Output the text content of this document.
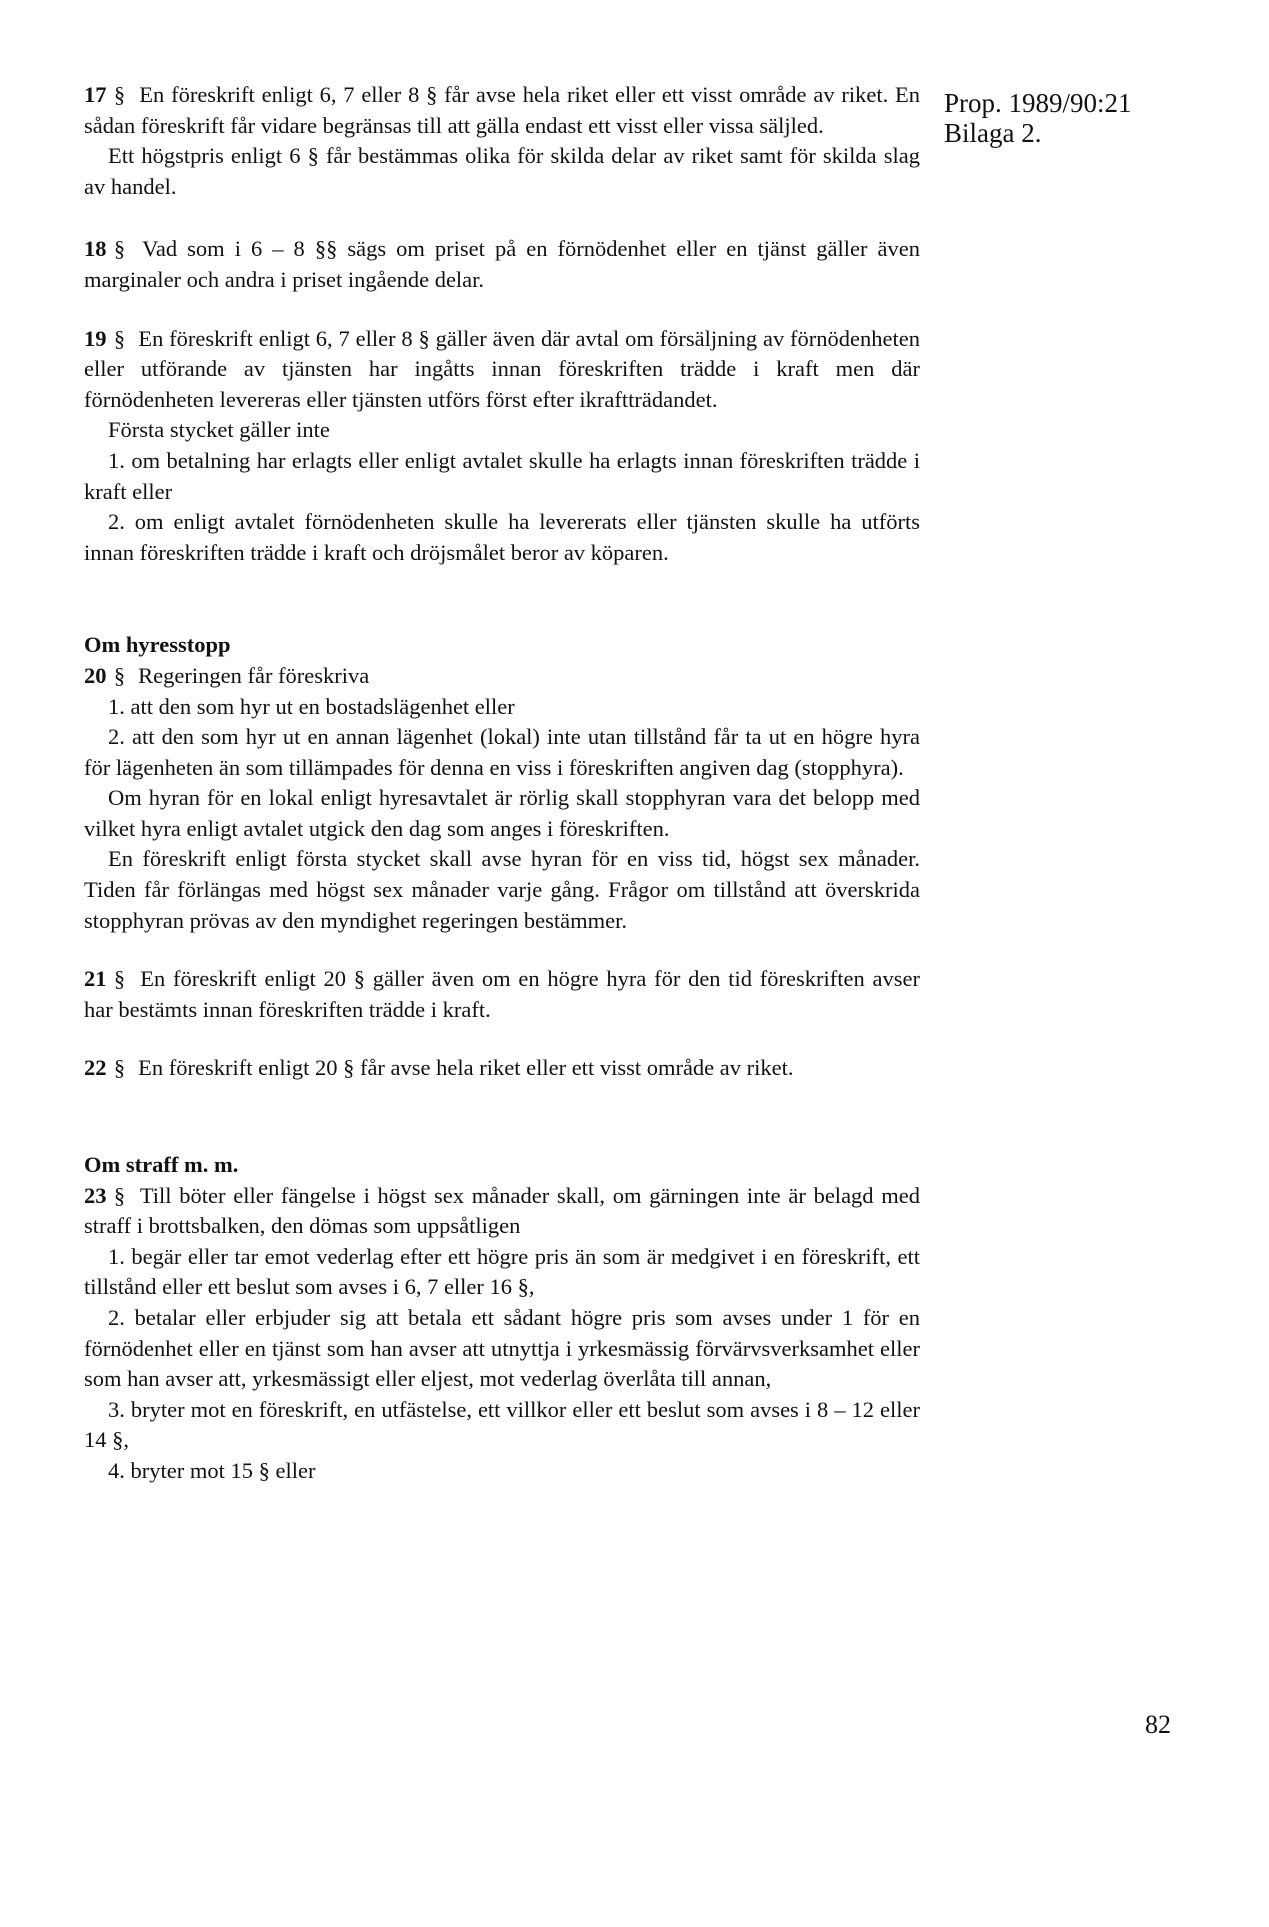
Prop. 1989/90:21
Bilaga 2.

17 § En föreskrift enligt 6, 7 eller 8 § får avse hela riket eller ett visst område av riket. En sådan föreskrift får vidare begränsas till att gälla endast ett visst eller vissa säljled.

Ett högstpris enligt 6 § får bestämmas olika för skilda delar av riket samt för skilda slag av handel.

18 § Vad som i 6 – 8 §§ sägs om priset på en förnödenhet eller en tjänst gäller även marginaler och andra i priset ingående delar.

19 § En föreskrift enligt 6, 7 eller 8 § gäller även där avtal om försäljning av förnödenheten eller utförande av tjänsten har ingåtts innan föreskriften trädde i kraft men där förnödenheten levereras eller tjänsten utförs först efter ikraftträdandet.

Första stycket gäller inte

1. om betalning har erlagts eller enligt avtalet skulle ha erlagts innan föreskriften trädde i kraft eller

2. om enligt avtalet förnödenheten skulle ha levererats eller tjänsten skulle ha utförts innan föreskriften trädde i kraft och dröjsmålet beror av köparen.

Om hyresstopp

20 § Regeringen får föreskriva

1. att den som hyr ut en bostadslägenhet eller

2. att den som hyr ut en annan lägenhet (lokal) inte utan tillstånd får ta ut en högre hyra för lägenheten än som tillämpades för denna en viss i föreskriften angiven dag (stopphyra).

Om hyran för en lokal enligt hyresavtalet är rörlig skall stopphyran vara det belopp med vilket hyra enligt avtalet utgick den dag som anges i föreskriften.

En föreskrift enligt första stycket skall avse hyran för en viss tid, högst sex månader. Tiden får förlängas med högst sex månader varje gång. Frågor om tillstånd att överskrida stopphyran prövas av den myndighet regeringen bestämmer.

21 § En föreskrift enligt 20 § gäller även om en högre hyra för den tid föreskriften avser har bestämts innan föreskriften trädde i kraft.

22 § En föreskrift enligt 20 § får avse hela riket eller ett visst område av riket.

Om straff m. m.

23 § Till böter eller fängelse i högst sex månader skall, om gärningen inte är belagd med straff i brottsbalken, den dömas som uppsåtligen

1. begär eller tar emot vederlag efter ett högre pris än som är medgivet i en föreskrift, ett tillstånd eller ett beslut som avses i 6, 7 eller 16 §,

2. betalar eller erbjuder sig att betala ett sådant högre pris som avses under 1 för en förnödenhet eller en tjänst som han avser att utnyttja i yrkesmässig förvärvsverksamhet eller som han avser att, yrkesmässigt eller eljest, mot vederlag överlåta till annan,

3. bryter mot en föreskrift, en utfästelse, ett villkor eller ett beslut som avses i 8 – 12 eller 14 §,

4. bryter mot 15 § eller

82
